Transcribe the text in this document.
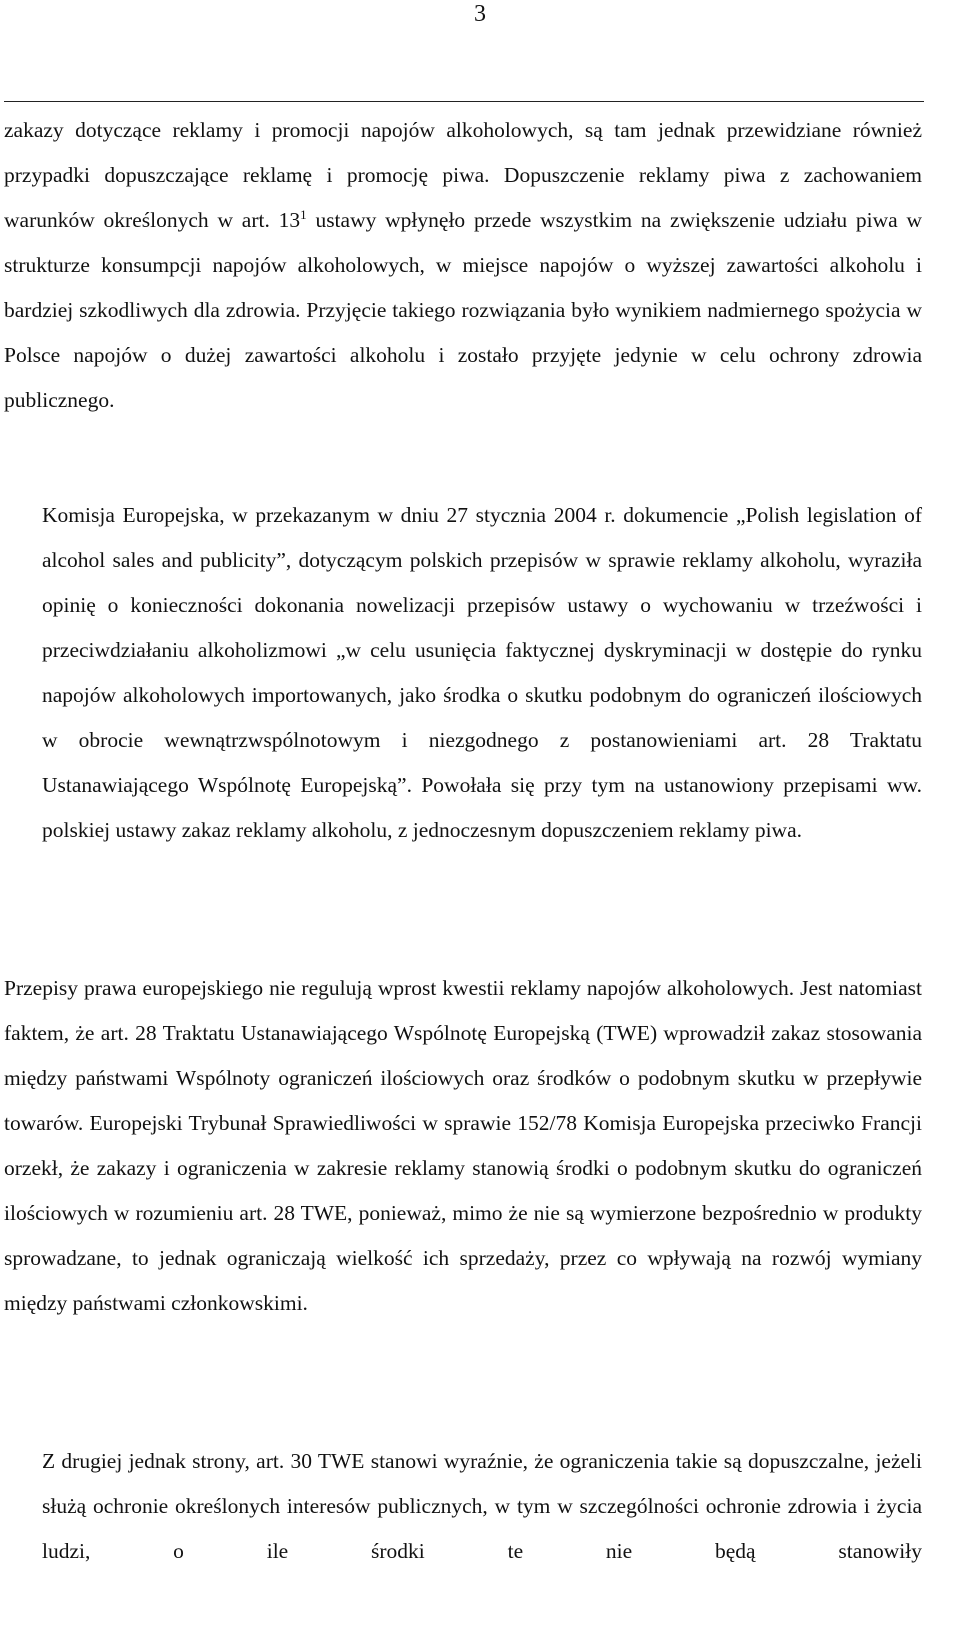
3

zakazy dotyczące reklamy i promocji napojów alkoholowych, są tam jednak przewidziane również przypadki dopuszczające reklamę i promocję piwa. Dopuszczenie reklamy piwa z zachowaniem warunków określonych w art. $13^1$ ustawy wpłynęło przede wszystkim na zwiększenie udziału piwa w strukturze konsumpcji napojów alkoholowych, w miejsce napojów o wyższej zawartości alkoholu i bardziej szkodliwych dla zdrowia. Przyjęcie takiego rozwiązania było wynikiem nadmiernego spożycia w Polsce napojów o dużej zawartości alkoholu i zostało przyjęte jedynie w celu ochrony zdrowia publicznego.

Komisja Europejska, w przekazanym w dniu 27 stycznia 2004 r. dokumencie „Polish legislation of alcohol sales and publicity”, dotyczącym polskich przepisów w sprawie reklamy alkoholu, wyraziła opinię o konieczności dokonania nowelizacji przepisów ustawy o wychowaniu w trzeźwości i przeciwdziałaniu alkoholizmowi „w celu usunięcia faktycznej dyskryminacji w dostępie do rynku napojów alkoholowych importowanych, jako środka o skutku podobnym do ograniczeń ilościowych w obrocie wewnątrzwspólnotowym i niezgodnego z postanowieniami art. 28 Traktatu Ustanawiającego Wspólnotę Europejską”. Powołała się przy tym na ustanowiony przepisami ww. polskiej ustawy zakaz reklamy alkoholu, z jednoczesnym dopuszczeniem reklamy piwa.

Przepisy prawa europejskiego nie regulują wprost kwestii reklamy napojów alkoholowych. Jest natomiast faktem, że art. 28 Traktatu Ustanawiającego Wspólnotę Europejską (TWE) wprowadził zakaz stosowania między państwami Wspólnoty ograniczeń ilościowych oraz środków o podobnym skutku w przepływie towarów. Europejski Trybunał Sprawiedliwości w sprawie 152/78 Komisja Europejska przeciwko Francji orzekł, że zakazy i ograniczenia w zakresie reklamy stanowią środki o podobnym skutku do ograniczeń ilościowych w rozumieniu art. 28 TWE, ponieważ, mimo że nie są wymierzone bezpośrednio w produkty sprowadzane, to jednak ograniczają wielkość ich sprzedaży, przez co wpływają na rozwój wymiany między państwami członkowskimi.

Z drugiej jednak strony, art. 30 TWE stanowi wyraźnie, że ograniczenia takie są dopuszczalne, jeżeli służą ochronie określonych interesów publicznych, w tym w szczególności ochronie zdrowia i życia ludzi, o ile środki te nie będą stanowiły
